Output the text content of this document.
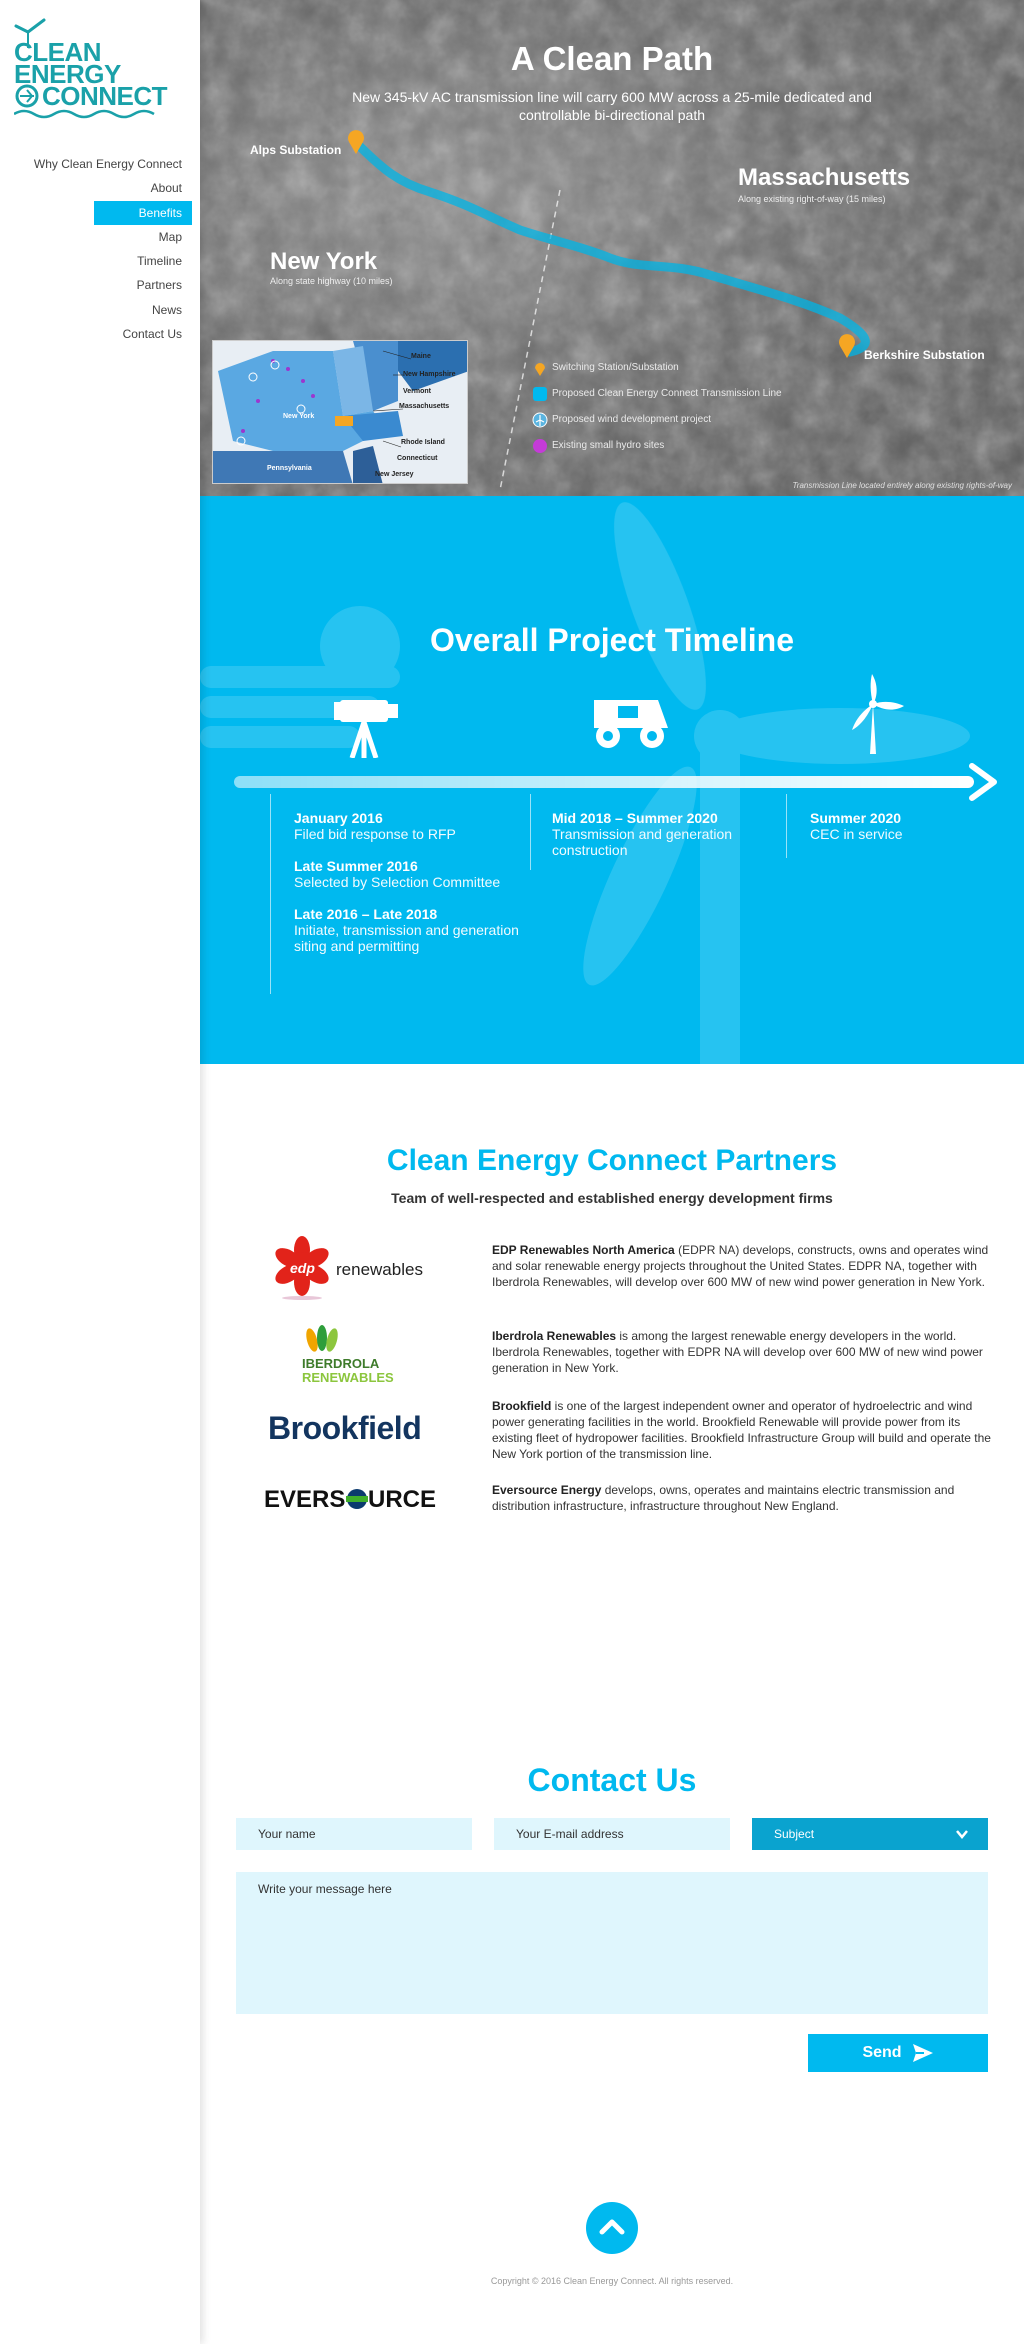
CLEAN
ENERGY
CONNECT
Why Clean Energy Connect
About
Benefits
Map
Timeline
Partners
News
Contact Us
A Clean Path
New 345-kV AC transmission line will carry 600 MW across a 25-mile dedicated and controllable bi-directional path
Alps Substation
Berkshire Substation
Massachusetts
Along existing right-of-way (15 miles)
New York
Along state highway (10 miles)
Switching Station/Substation
Proposed Clean Energy Connect Transmission Line
Proposed wind development project
Existing small hydro sites
Maine
New Hampshire
Vermont
Massachusetts
New York
Rhode Island
Connecticut
Pennsylvania
New Jersey
Transmission Line located entirely along existing rights-of-way
Overall Project Timeline
January 2016

Filed bid response to RFP

Late Summer 2016

Selected by Selection Committee

Late 2016 – Late 2018

Initiate, transmission and generation siting and permitting

Mid 2018 – Summer 2020

Transmission and generation construction

Summer 2020

CEC in service

Clean Energy Connect Partners
Team of well-respected and established energy development firms
edp renewables
IBERDROLA
RENEWABLES
Brookfield
EVERS URCE
EDP Renewables North America (EDPR NA) develops, constructs, owns and operates wind and solar renewable energy projects throughout the United States. EDPR NA, together with Iberdrola Renewables, will develop over 600 MW of new wind power generation in New York.
Iberdrola Renewables is among the largest renewable energy developers in the world. Iberdrola Renewables, together with EDPR NA will develop over 600 MW of new wind power generation in New York.
Brookfield is one of the largest independent owner and operator of hydroelectric and wind power generating facilities in the world. Brookfield Renewable will provide power from its existing fleet of hydropower facilities. Brookfield Infrastructure Group will build and operate the New York portion of the transmission line.
Eversource Energy develops, owns, operates and maintains electric transmission and distribution infrastructure, infrastructure throughout New England.
Contact Us
Your name
Your E-mail address
Subject
Write your message here
Send
Copyright © 2016 Clean Energy Connect. All rights reserved.
